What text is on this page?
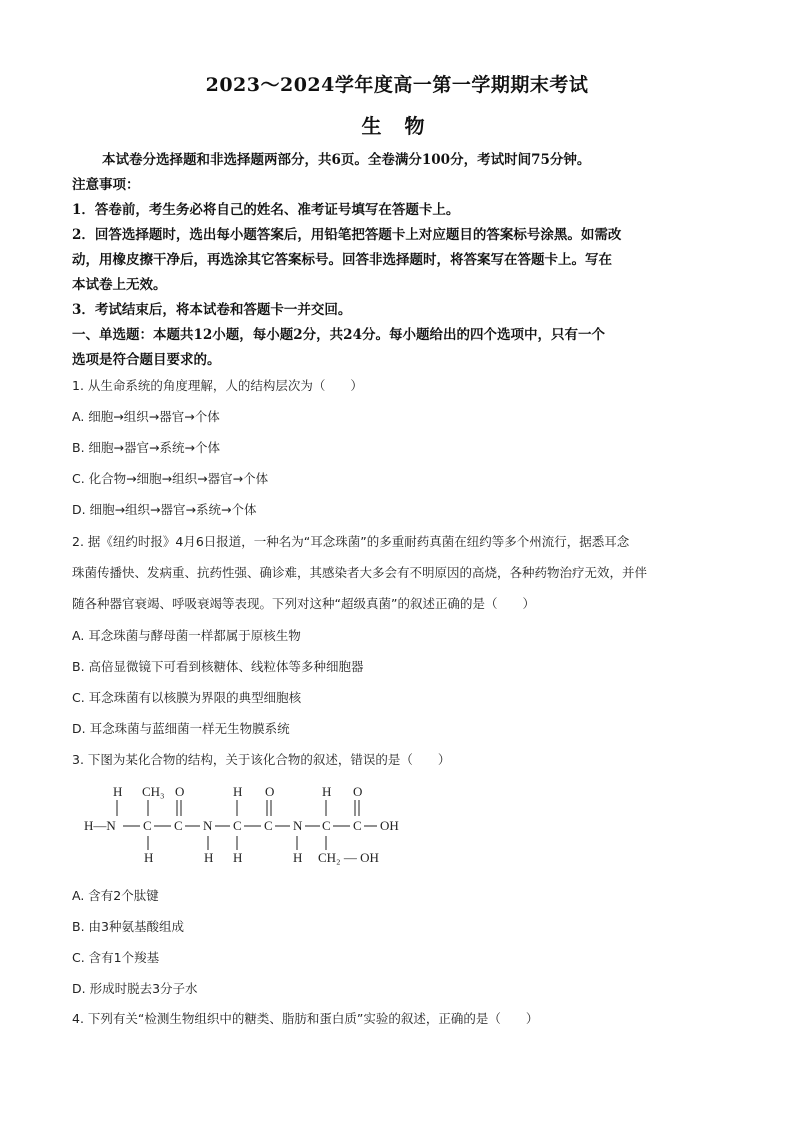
2023～2024学年度高一第一学期期末考试
生 物
本试卷分选择题和非选择题两部分，共6页。全卷满分100分，考试时间75分钟。
注意事项：
1．答卷前，考生务必将自己的姓名、准考证号填写在答题卡上。
2．回答选择题时，选出每小题答案后，用铅笔把答题卡上对应题目的答案标号涂黑。如需改
动，用橡皮擦干净后，再选涂其它答案标号。回答非选择题时，将答案写在答题卡上。写在
本试卷上无效。
3．考试结束后，将本试卷和答题卡一并交回。
一、单选题：本题共12小题，每小题2分，共24分。每小题给出的四个选项中，只有一个
选项是符合题目要求的。
1. 从生命系统的角度理解，人的结构层次为（　　）
A. 细胞→组织→器官→个体
B. 细胞→器官→系统→个体
C. 化合物→细胞→组织→器官→个体
D. 细胞→组织→器官→系统→个体
2. 据《纽约时报》4月6日报道，一种名为“耳念珠菌”的多重耐药真菌在纽约等多个州流行，据悉耳念
珠菌传播快、发病重、抗药性强、确诊难，其感染者大多会有不明原因的高烧，各种药物治疗无效，并伴
随各种器官衰竭、呼吸衰竭等表现。下列对这种“超级真菌”的叙述正确的是（　　）
A. 耳念珠菌与酵母菌一样都属于原核生物
B. 高倍显微镜下可看到核糖体、线粒体等多种细胞器
C. 耳念珠菌有以核膜为界限的典型细胞核
D. 耳念珠菌与蓝细菌一样无生物膜系统
3. 下图为某化合物的结构，关于该化合物的叙述，错误的是（　　）
H CH₃ O	H O	H O
H—N C C N C C N C C OH
H	H H	H CH₂ — OH
A. 含有2个肽键
B. 由3种氨基酸组成
C. 含有1个羧基
D. 形成时脱去3分子水
4. 下列有关“检测生物组织中的糖类、脂肪和蛋白质”实验的叙述，正确的是（　　）
